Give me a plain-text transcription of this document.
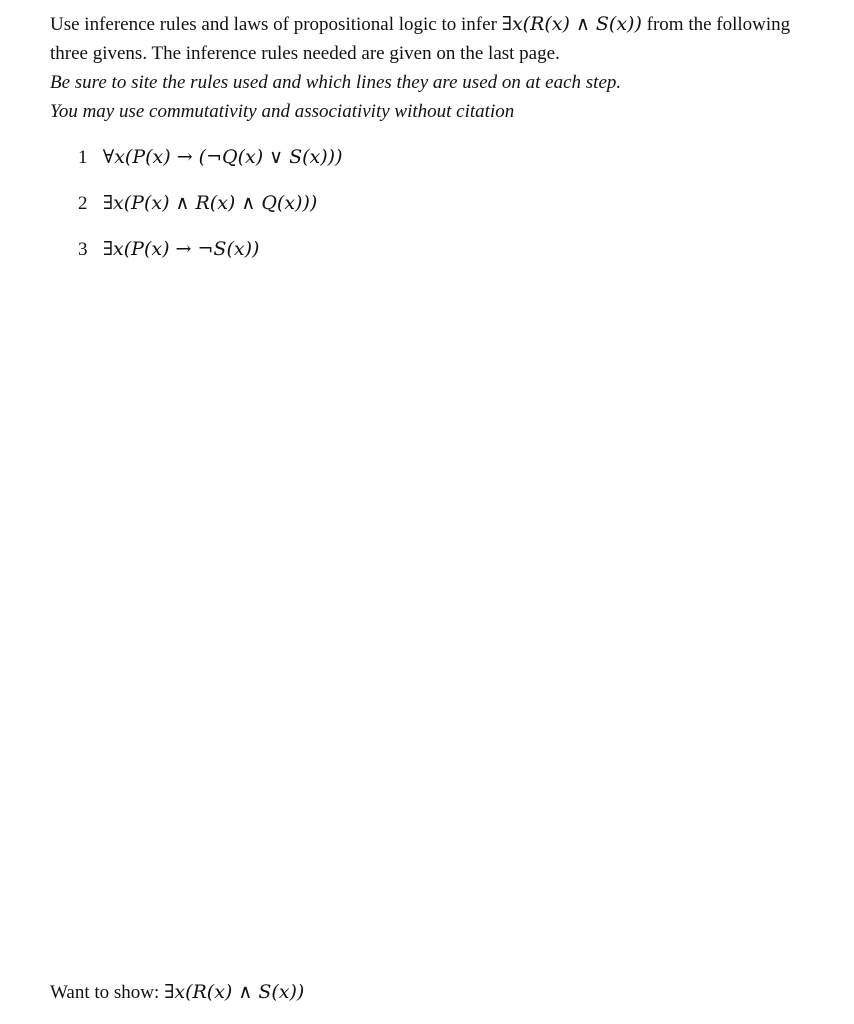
Use inference rules and laws of propositional logic to infer ∃x(R(x) ∧ S(x)) from the following

three givens. The inference rules needed are given on the last page.

Be sure to site the rules used and which lines they are used on at each step.

You may use commutativity and associativity without citation

1 ∀x(P(x) → (¬Q(x) ∨ S(x)))
2 ∃x(P(x) ∧ R(x) ∧ Q(x)))
3 ∃x(P(x) → ¬S(x))
Want to show: ∃x(R(x) ∧ S(x))
